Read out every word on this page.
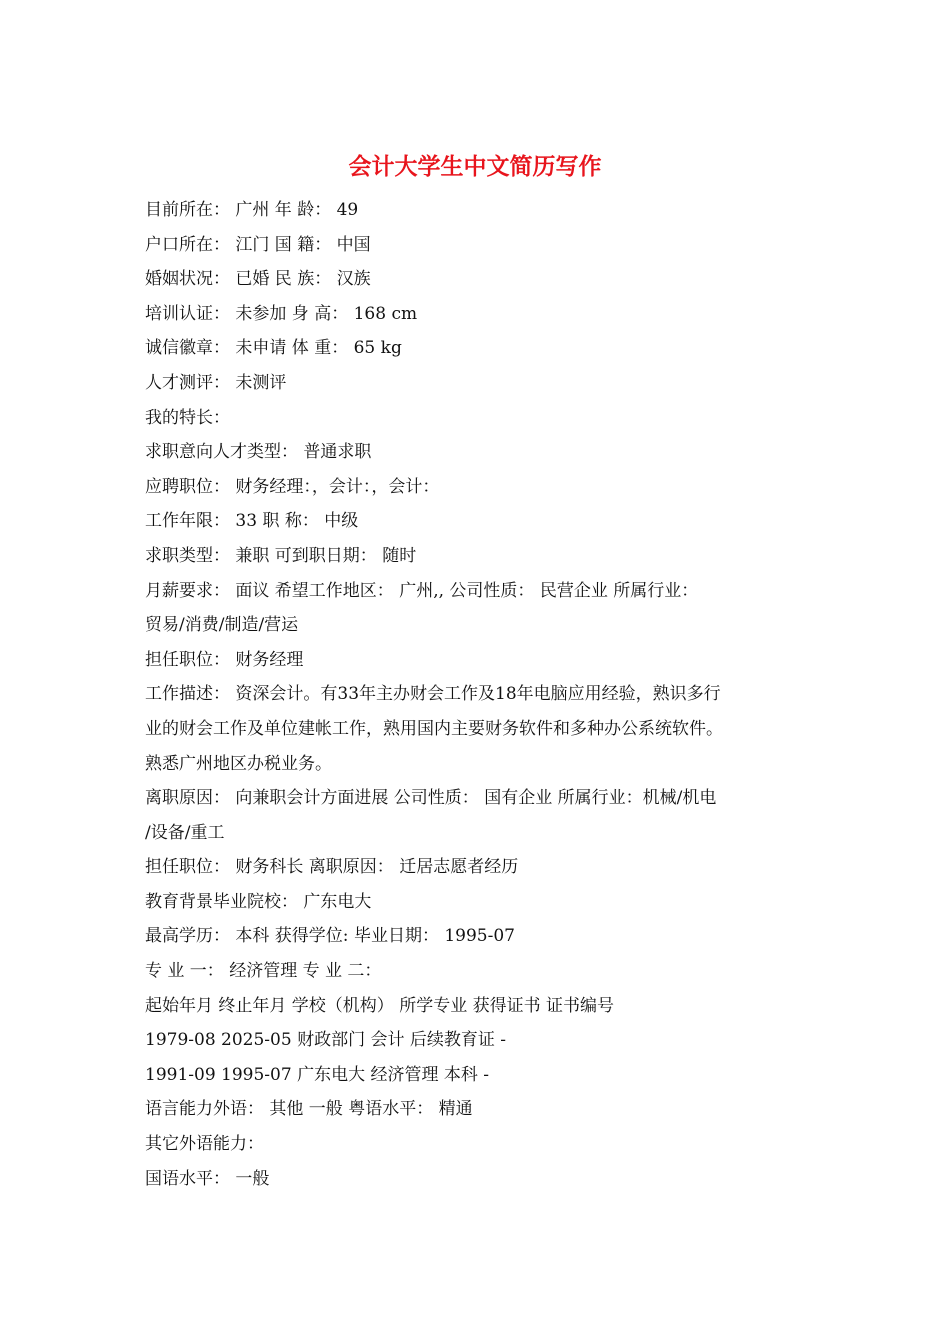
会计大学生中文简历写作
目前所在： 广州 年 龄： 49
户口所在： 江门 国 籍： 中国
婚姻状况： 已婚 民 族： 汉族
培训认证： 未参加 身 高： 168 cm
诚信徽章： 未申请 体 重： 65 kg
人才测评： 未测评
我的特长：
求职意向人才类型： 普通求职
应聘职位： 财务经理：，会计：，会计：
工作年限： 33 职 称： 中级
求职类型： 兼职 可到职日期： 随时
月薪要求： 面议 希望工作地区： 广州,, 公司性质： 民营企业 所属行业：
贸易/消费/制造/营运
担任职位： 财务经理
工作描述： 资深会计。有33年主办财会工作及18年电脑应用经验，熟识多行
业的财会工作及单位建帐工作，熟用国内主要财务软件和多种办公系统软件。
熟悉广州地区办税业务。
离职原因： 向兼职会计方面进展 公司性质： 国有企业 所属行业：机械/机电
/设备/重工
担任职位： 财务科长 离职原因： 迁居志愿者经历
教育背景毕业院校： 广东电大
最高学历： 本科 获得学位: 毕业日期： 1995-07
专 业 一： 经济管理 专 业 二：
起始年月 终止年月 学校（机构） 所学专业 获得证书 证书编号
1979-08 2025-05 财政部门 会计 后续教育证 -
1991-09 1995-07 广东电大 经济管理 本科 -
语言能力外语： 其他 一般 粤语水平： 精通
其它外语能力：
国语水平： 一般
